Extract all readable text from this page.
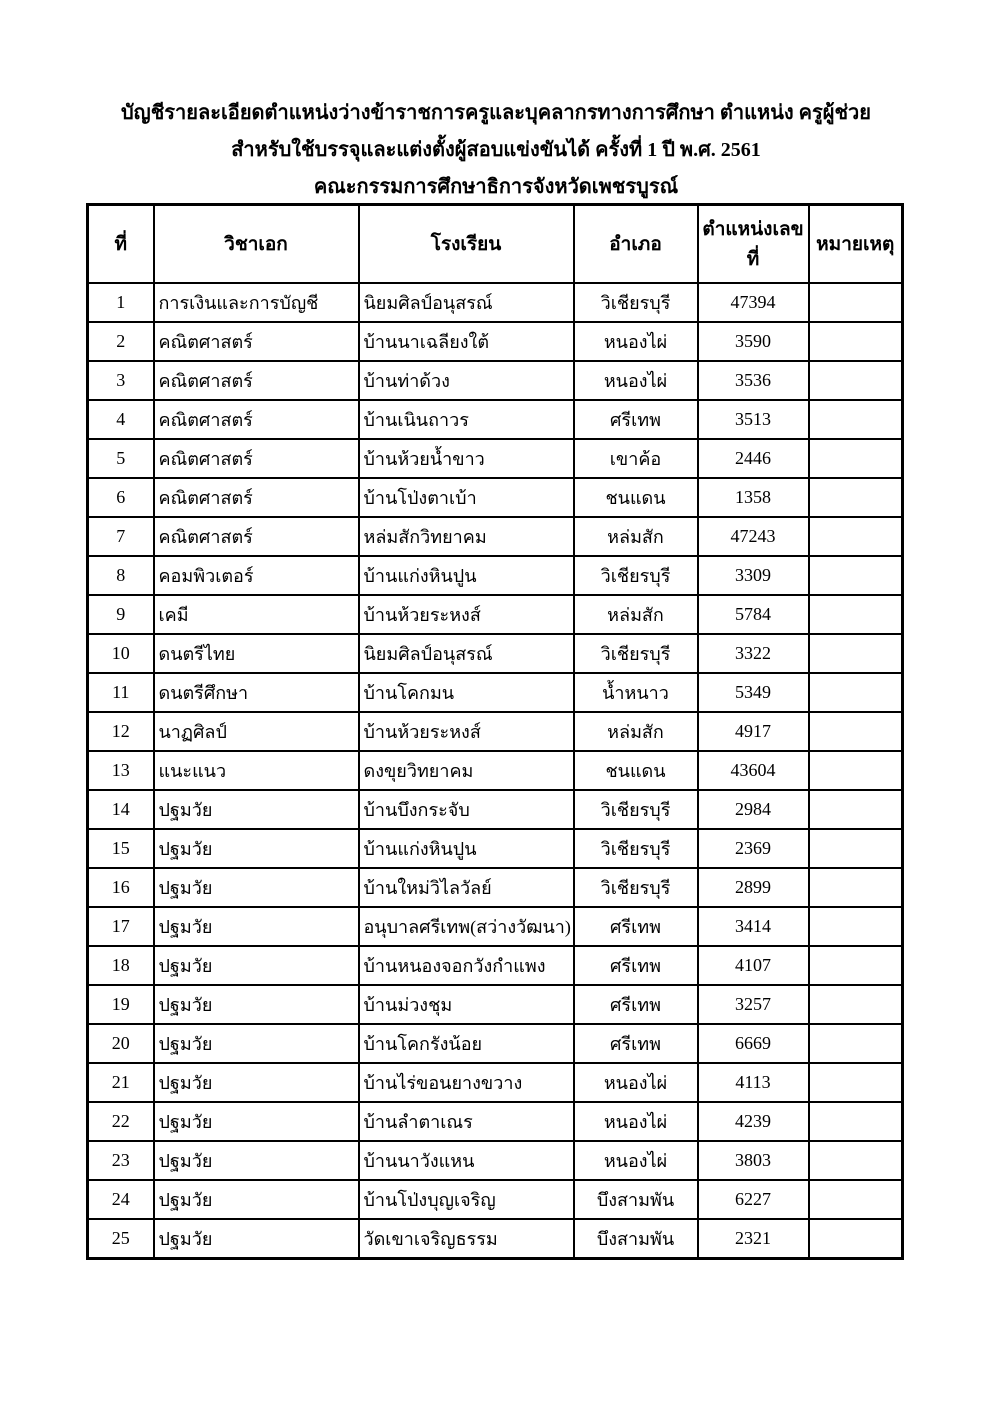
บัญชีรายละเอียดตำแหน่งว่างข้าราชการครูและบุคลากรทางการศึกษา ตำแหน่ง ครูผู้ช่วย
สำหรับใช้บรรจุและแต่งตั้งผู้สอบแข่งขันได้ ครั้งที่ 1 ปี พ.ศ. 2561
คณะกรรมการศึกษาธิการจังหวัดเพชรบูรณ์
ที่	วิชาเอก	โรงเรียน	อำเภอ	ตำแหน่งเลขที่	หมายเหตุ
1	การเงินและการบัญชี	นิยมศิลป์อนุสรณ์	วิเชียรบุรี	47394	
2	คณิตศาสตร์	บ้านนาเฉลียงใต้	หนองไผ่	3590	
3	คณิตศาสตร์	บ้านท่าด้วง	หนองไผ่	3536	
4	คณิตศาสตร์	บ้านเนินถาวร	ศรีเทพ	3513	
5	คณิตศาสตร์	บ้านห้วยน้ำขาว	เขาค้อ	2446	
6	คณิตศาสตร์	บ้านโป่งตาเบ้า	ชนแดน	1358	
7	คณิตศาสตร์	หล่มสักวิทยาคม	หล่มสัก	47243	
8	คอมพิวเตอร์	บ้านแก่งหินปูน	วิเชียรบุรี	3309	
9	เคมี	บ้านห้วยระหงส์	หล่มสัก	5784	
10	ดนตรีไทย	นิยมศิลป์อนุสรณ์	วิเชียรบุรี	3322	
11	ดนตรีศึกษา	บ้านโคกมน	น้ำหนาว	5349	
12	นาฏศิลป์	บ้านห้วยระหงส์	หล่มสัก	4917	
13	แนะแนว	ดงขุยวิทยาคม	ชนแดน	43604	
14	ปฐมวัย	บ้านบึงกระจับ	วิเชียรบุรี	2984	
15	ปฐมวัย	บ้านแก่งหินปูน	วิเชียรบุรี	2369	
16	ปฐมวัย	บ้านใหม่วิไลวัลย์	วิเชียรบุรี	2899	
17	ปฐมวัย	อนุบาลศรีเทพ(สว่างวัฒนา)	ศรีเทพ	3414	
18	ปฐมวัย	บ้านหนองจอกวังกำแพง	ศรีเทพ	4107	
19	ปฐมวัย	บ้านม่วงชุม	ศรีเทพ	3257	
20	ปฐมวัย	บ้านโคกรังน้อย	ศรีเทพ	6669	
21	ปฐมวัย	บ้านไร่ขอนยางขวาง	หนองไผ่	4113	
22	ปฐมวัย	บ้านลำตาเณร	หนองไผ่	4239	
23	ปฐมวัย	บ้านนาวังแหน	หนองไผ่	3803	
24	ปฐมวัย	บ้านโป่งบุญเจริญ	บึงสามพัน	6227	
25	ปฐมวัย	วัดเขาเจริญธรรม	บึงสามพัน	2321	
